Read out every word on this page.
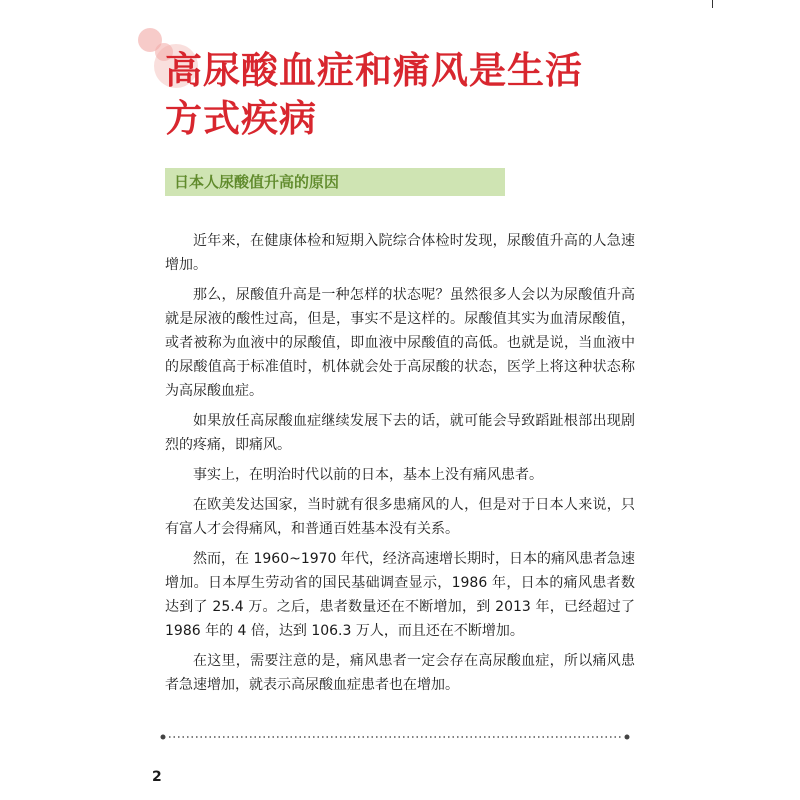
高尿酸血症和痛风是生活
方式疾病
日本人尿酸值升高的原因

近年来，在健康体检和短期入院综合体检时发现，尿酸值升高的人急速增加。

那么，尿酸值升高是一种怎样的状态呢？虽然很多人会以为尿酸值升高就是尿液的酸性过高，但是，事实不是这样的。尿酸值其实为血清尿酸值，或者被称为血液中的尿酸值，即血液中尿酸值的高低。也就是说，当血液中的尿酸值高于标准值时，机体就会处于高尿酸的状态，医学上将这种状态称为高尿酸血症。

如果放任高尿酸血症继续发展下去的话，就可能会导致蹈趾根部出现剧烈的疼痛，即痛风。

事实上，在明治时代以前的日本，基本上没有痛风患者。

在欧美发达国家，当时就有很多患痛风的人，但是对于日本人来说，只有富人才会得痛风，和普通百姓基本没有关系。

然而，在 1960~1970 年代，经济高速增长期时，日本的痛风患者急速增加。日本厚生劳动省的国民基础调查显示，1986 年，日本的痛风患者数达到了 25.4 万。之后，患者数量还在不断增加，到 2013 年，已经超过了 1986 年的 4 倍，达到 106.3 万人，而且还在不断增加。

在这里，需要注意的是，痛风患者一定会存在高尿酸血症，所以痛风患者急速增加，就表示高尿酸血症患者也在增加。

2
